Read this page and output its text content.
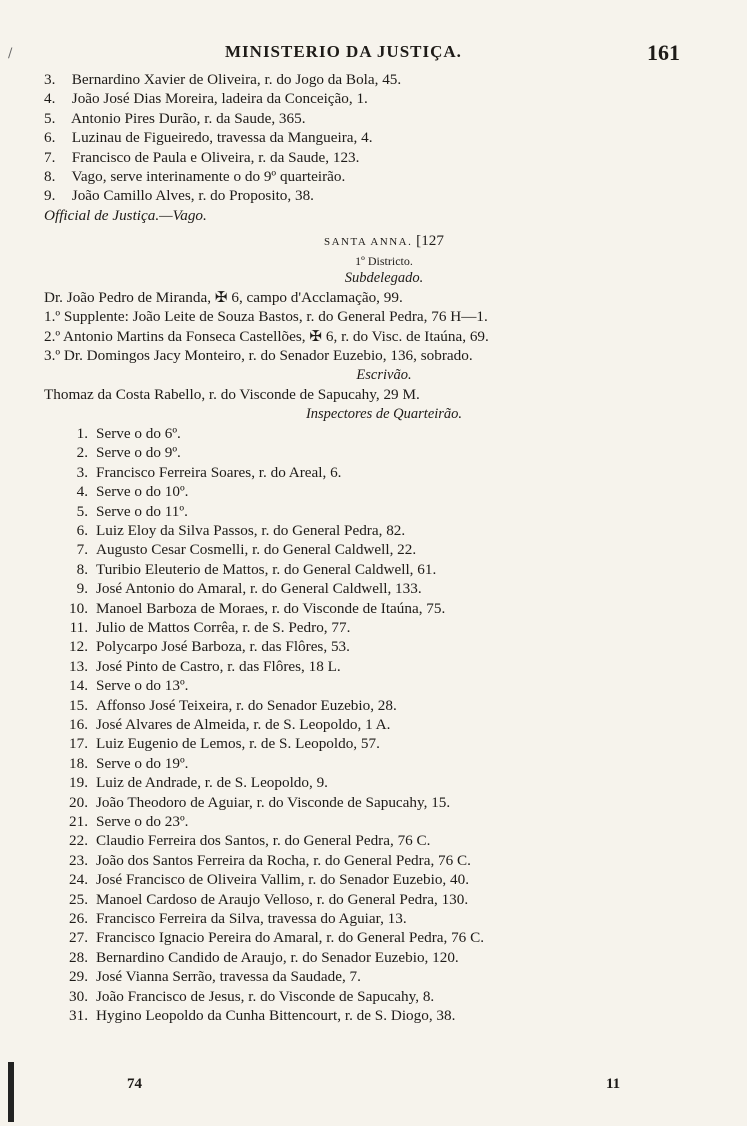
/	MINISTERIO DA JUSTIÇA.	161
3. Bernardino Xavier de Oliveira, r. do Jogo da Bola, 45.
4. João José Dias Moreira, ladeira da Conceição, 1.
5. Antonio Pires Durão, r. da Saude, 365.
6. Luzinau de Figueiredo, travessa da Mangueira, 4.
7. Francisco de Paula e Oliveira, r. da Saude, 123.
8. Vago, serve interinamente o do 9º quarteirão.
9. João Camillo Alves, r. do Proposito, 38.
Official de Justiça.—Vago.
SANTA ANNA. [127
1º Districto.
Subdelegado.
Dr. João Pedro de Miranda, ✠ 6, campo d'Acclamação, 99.
1.º Supplente: João Leite de Souza Bastos, r. do General Pedra, 76 H—1.
2.º Antonio Martins da Fonseca Castellões, ✠ 6, r. do Visc. de Itaúna, 69.
3.º Dr. Domingos Jacy Monteiro, r. do Senador Euzebio, 136, sobrado.
Escrivão.
Thomaz da Costa Rabello, r. do Visconde de Sapucahy, 29 M.
Inspectores de Quarteirão.
1. Serve o do 6º.
2. Serve o do 9º.
3. Francisco Ferreira Soares, r. do Areal, 6.
4. Serve o do 10º.
5. Serve o do 11º.
6. Luiz Eloy da Silva Passos, r. do General Pedra, 82.
7. Augusto Cesar Cosmelli, r. do General Caldwell, 22.
8. Turibio Eleuterio de Mattos, r. do General Caldwell, 61.
9. José Antonio do Amaral, r. do General Caldwell, 133.
10. Manoel Barboza de Moraes, r. do Visconde de Itaúna, 75.
11. Julio de Mattos Corrêa, r. de S. Pedro, 77.
12. Polycarpo José Barboza, r. das Flôres, 53.
13. José Pinto de Castro, r. das Flôres, 18 L.
14. Serve o do 13º.
15. Affonso José Teixeira, r. do Senador Euzebio, 28.
16. José Alvares de Almeida, r. de S. Leopoldo, 1 A.
17. Luiz Eugenio de Lemos, r. de S. Leopoldo, 57.
18. Serve o do 19º.
19. Luiz de Andrade, r. de S. Leopoldo, 9.
20. João Theodoro de Aguiar, r. do Visconde de Sapucahy, 15.
21. Serve o do 23º.
22. Claudio Ferreira dos Santos, r. do General Pedra, 76 C.
23. João dos Santos Ferreira da Rocha, r. do General Pedra, 76 C.
24. José Francisco de Oliveira Vallim, r. do Senador Euzebio, 40.
25. Manoel Cardoso de Araujo Velloso, r. do General Pedra, 130.
26. Francisco Ferreira da Silva, travessa do Aguiar, 13.
27. Francisco Ignacio Pereira do Amaral, r. do General Pedra, 76 C.
28. Bernardino Candido de Araujo, r. do Senador Euzebio, 120.
29. José Vianna Serrão, travessa da Saudade, 7.
30. João Francisco de Jesus, r. do Visconde de Sapucahy, 8.
31. Hygino Leopoldo da Cunha Bittencourt, r. de S. Diogo, 38.
74	11
